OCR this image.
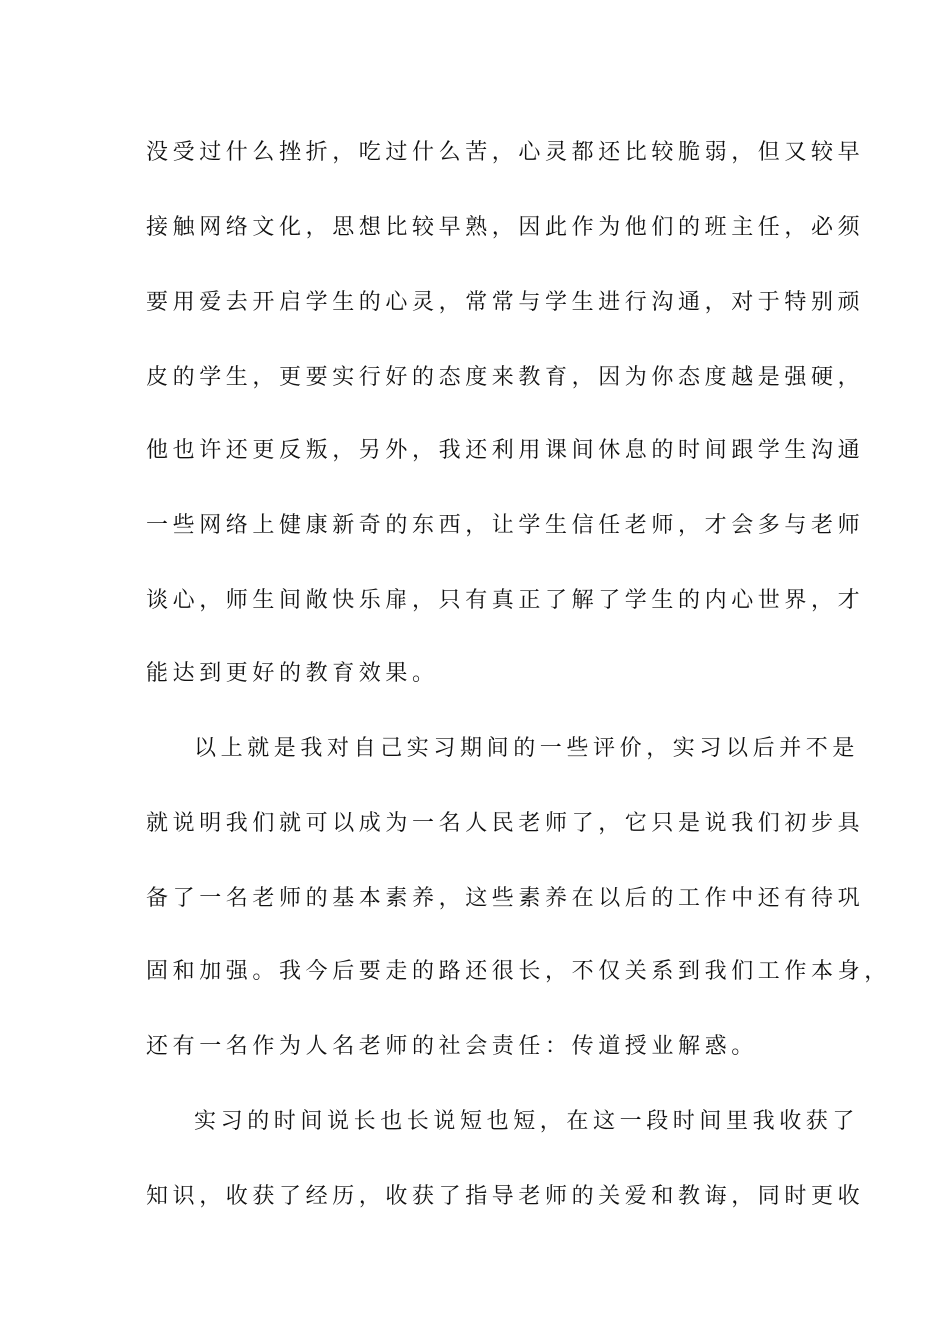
没受过什么挫折，吃过什么苦，心灵都还比较脆弱，但又较早
接触网络文化，思想比较早熟，因此作为他们的班主任，必须
要用爱去开启学生的心灵，常常与学生进行沟通，对于特别顽
皮的学生，更要实行好的态度来教育，因为你态度越是强硬，
他也许还更反叛，另外，我还利用课间休息的时间跟学生沟通
一些网络上健康新奇的东西，让学生信任老师，才会多与老师
谈心，师生间敞快乐扉，只有真正了解了学生的内心世界，才
能达到更好的教育效果。
以上就是我对自己实习期间的一些评价，实习以后并不是
就说明我们就可以成为一名人民老师了，它只是说我们初步具
备了一名老师的基本素养，这些素养在以后的工作中还有待巩
固和加强。我今后要走的路还很长，不仅关系到我们工作本身，
还有一名作为人名老师的社会责任：传道授业解惑。
实习的时间说长也长说短也短，在这一段时间里我收获了
知识，收获了经历，收获了指导老师的关爱和教诲，同时更收
